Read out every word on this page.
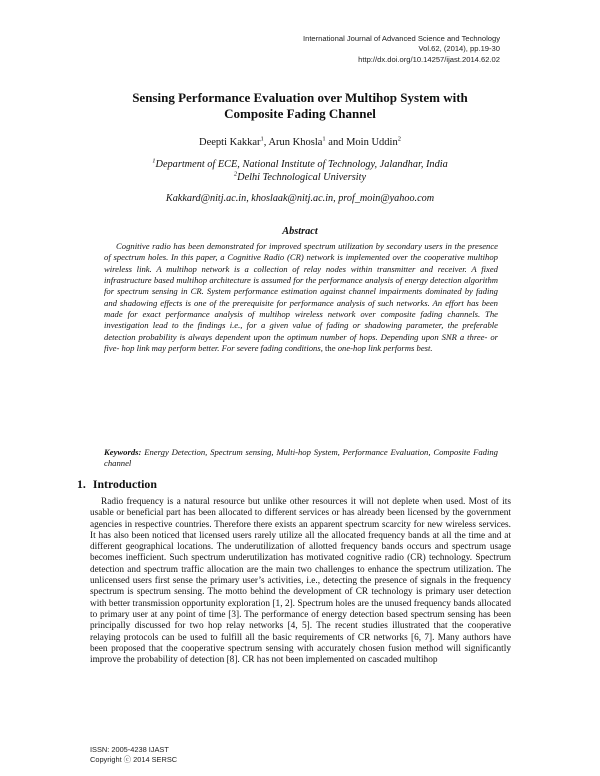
International Journal of Advanced Science and Technology
Vol.62, (2014), pp.19-30
http://dx.doi.org/10.14257/ijast.2014.62.02
Sensing Performance Evaluation over Multihop System with
Composite Fading Channel
Deepti Kakkar$^1$, Arun Khosla$^1$ and Moin Uddin$^2$
$^1$Department of ECE, National Institute of Technology, Jalandhar, India
$^2$Delhi Technological University
Kakkard@nitj.ac.in, khoslaak@nitj.ac.in, prof_moin@yahoo.com
Abstract

Cognitive radio has been demonstrated for improved spectrum utilization by secondary users in the presence of spectrum holes. In this paper, a Cognitive Radio (CR) network is implemented over the cooperative multihop wireless link. A multihop network is a collection of relay nodes within transmitter and receiver. A fixed infrastructure based multihop architecture is assumed for the performance analysis of energy detection algorithm for spectrum sensing in CR. System performance estimation against channel impairments dominated by fading and shadowing effects is one of the prerequisite for performance analysis of such networks. An effort has been made for exact performance analysis of multihop wireless network over composite fading channels. The investigation lead to the findings i.e., for a given value of fading or shadowing parameter, the preferable detection probability is always dependent upon the optimum number of hops. Depending upon SNR a three- or five- hop link may perform better. For severe fading conditions, the one-hop link performs best.

Keywords: Energy Detection, Spectrum sensing, Multi-hop System, Performance Evaluation, Composite Fading channel

1. Introduction

Radio frequency is a natural resource but unlike other resources it will not deplete when used. Most of its usable or beneficial part has been allocated to different services or has already been licensed by the government agencies in respective countries. Therefore there exists an apparent spectrum scarcity for new wireless services. It has also been noticed that licensed users rarely utilize all the allocated frequency bands at all the time and at different geographical locations. The underutilization of allotted frequency bands occurs and spectrum usage becomes inefficient. Such spectrum underutilization has motivated cognitive radio (CR) technology. Spectrum detection and spectrum traffic allocation are the main two challenges to enhance the spectrum utilization. The unlicensed users first sense the primary user’s activities, i.e., detecting the presence of signals in the frequency spectrum is spectrum sensing. The motto behind the development of CR technology is primary user detection with better transmission opportunity exploration [1, 2]. Spectrum holes are the unused frequency bands allocated to primary user at any point of time [3]. The performance of energy detection based spectrum sensing has been principally discussed for two hop relay networks [4, 5]. The recent studies illustrated that the cooperative relaying protocols can be used to fulfill all the basic requirements of CR networks [6, 7]. Many authors have been proposed that the cooperative spectrum sensing with accurately chosen fusion method will significantly improve the probability of detection [8]. CR has not been implemented on cascaded multihop

ISSN: 2005-4238 IJAST
Copyright ⓒ 2014 SERSC
